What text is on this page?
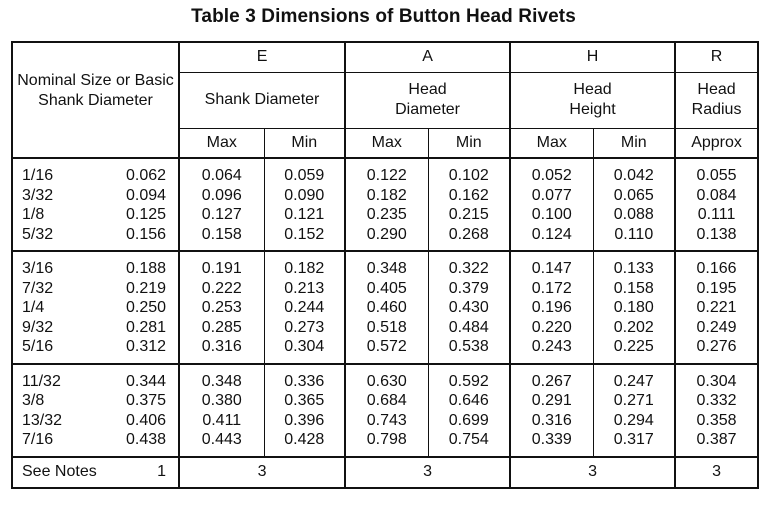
Table 3 Dimensions of Button Head Rivets
Nominal Size or Basic Shank Diameter		E		A		H		R
		Shank Diameter		Head Diameter		Head Height		Head Radius
		Max	Min	Max	Min	Max	Min	Approx
1/16	0.062	0.064	0.059	0.122	0.102	0.052	0.042	0.055
3/32	0.094	0.096	0.090	0.182	0.162	0.077	0.065	0.084
1/8	0.125	0.127	0.121	0.235	0.215	0.100	0.088	0.111
5/32	0.156	0.158	0.152	0.290	0.268	0.124	0.110	0.138
3/16	0.188	0.191	0.182	0.348	0.322	0.147	0.133	0.166
7/32	0.219	0.222	0.213	0.405	0.379	0.172	0.158	0.195
1/4	0.250	0.253	0.244	0.460	0.430	0.196	0.180	0.221
9/32	0.281	0.285	0.273	0.518	0.484	0.220	0.202	0.249
5/16	0.312	0.316	0.304	0.572	0.538	0.243	0.225	0.276
11/32	0.344	0.348	0.336	0.630	0.592	0.267	0.247	0.304
3/8	0.375	0.380	0.365	0.684	0.646	0.291	0.271	0.332
13/32	0.406	0.411	0.396	0.743	0.699	0.316	0.294	0.358
7/16	0.438	0.443	0.428	0.798	0.754	0.339	0.317	0.387
See Notes	1	3		3		3		3
